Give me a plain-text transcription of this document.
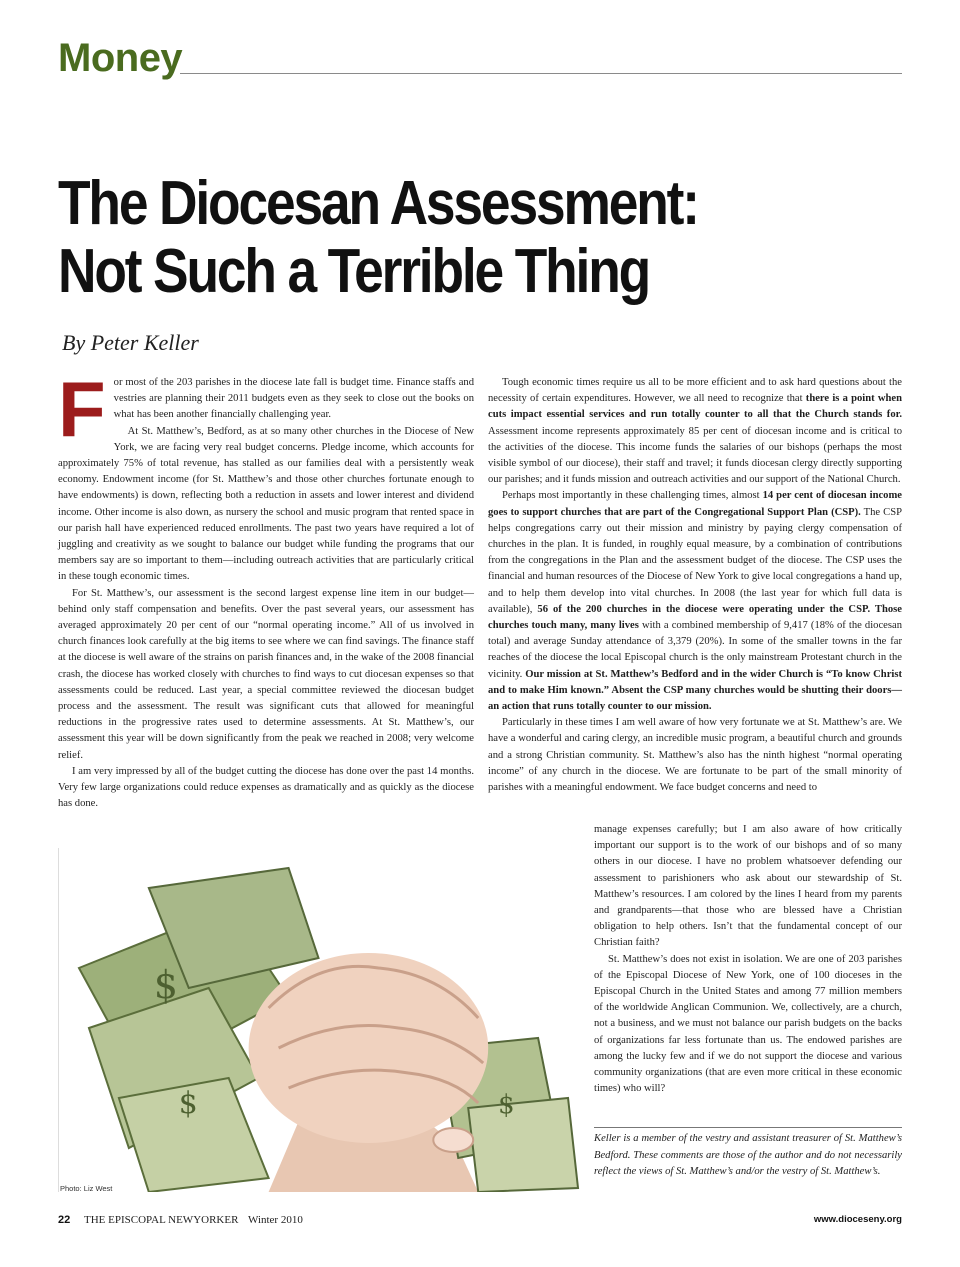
Money
The Diocesan Assessment:
Not Such a Terrible Thing
By Peter Keller
F or most of the 203 parishes in the diocese late fall is budget time. Finance staffs and vestries are planning their 2011 budgets even as they seek to close out the books on what has been another financially challenging year.

At St. Matthew’s, Bedford, as at so many other churches in the Diocese of New York, we are facing very real budget concerns. Pledge income, which accounts for approximately 75% of total revenue, has stalled as our families deal with a persistently weak economy. Endowment income (for St. Matthew’s and those other churches fortunate enough to have endowments) is down, reflecting both a reduction in assets and lower interest and dividend income. Other income is also down, as nursery the school and music program that rented space in our parish hall have experienced reduced enrollments. The past two years have required a lot of juggling and creativity as we sought to balance our budget while funding the programs that our members say are so important to them—including outreach activities that are particularly critical in these tough economic times.

For St. Matthew’s, our assessment is the second largest expense line item in our budget—behind only staff compensation and benefits. Over the past several years, our assessment has averaged approximately 20 per cent of our “normal operating income.” All of us involved in church finances look carefully at the big items to see where we can find savings. The finance staff at the diocese is well aware of the strains on parish finances and, in the wake of the 2008 financial crash, the diocese has worked closely with churches to find ways to cut diocesan expenses so that assessments could be reduced. Last year, a special committee reviewed the diocesan budget process and the assessment. The result was significant cuts that allowed for meaningful reductions in the progressive rates used to determine assessments. At St. Matthew’s, our assessment this year will be down significantly from the peak we reached in 2008; very welcome relief.

I am very impressed by all of the budget cutting the diocese has done over the past 14 months. Very few large organizations could reduce expenses as dramatically and as quickly as the diocese has done.

Tough economic times require us all to be more efficient and to ask hard questions about the necessity of certain expenditures. However, we all need to recognize that there is a point when cuts impact essential services and run totally counter to all that the Church stands for. Assessment income represents approximately 85 per cent of diocesan income and is critical to the activities of the diocese. This income funds the salaries of our bishops (perhaps the most visible symbol of our diocese), their staff and travel; it funds diocesan clergy directly supporting our parishes; and it funds mission and outreach activities and our support of the National Church.

Perhaps most importantly in these challenging times, almost 14 per cent of diocesan income goes to support churches that are part of the Congregational Support Plan (CSP). The CSP helps congregations carry out their mission and ministry by paying clergy compensation of churches in the plan. It is funded, in roughly equal measure, by a combination of contributions from the congregations in the Plan and the assessment budget of the diocese. The CSP uses the financial and human resources of the Diocese of New York to give local congregations a hand up, and to help them develop into vital churches. In 2008 (the last year for which full data is available), 56 of the 200 churches in the diocese were operating under the CSP. Those churches touch many, many lives with a combined membership of 9,417 (18% of the diocesan total) and average Sunday attendance of 3,379 (20%). In some of the smaller towns in the far reaches of the diocese the local Episcopal church is the only mainstream Protestant church in the vicinity. Our mission at St. Matthew’s Bedford and in the wider Church is “To know Christ and to make Him known.” Absent the CSP many churches would be shutting their doors—an action that runs totally counter to our mission.

Particularly in these times I am well aware of how very fortunate we at St. Matthew’s are. We have a wonderful and caring clergy, an incredible music program, a beautiful church and grounds and a strong Christian community. St. Matthew’s also has the ninth highest “normal operating income” of any church in the diocese. We are fortunate to be part of the small minority of parishes with a meaningful endowment. We face budget concerns and need to

manage expenses carefully; but I am also aware of how critically important our support is to the work of our bishops and of so many others in our diocese. I have no problem whatsoever defending our assessment to parishioners who ask about our stewardship of St. Matthew’s resources. I am colored by the lines I heard from my parents and grandparents—that those who are blessed have a Christian obligation to help others. Isn’t that the fundamental concept of our Christian faith?

St. Matthew’s does not exist in isolation. We are one of 203 parishes of the Episcopal Diocese of New York, one of 100 dioceses in the Episcopal Church in the United States and among 77 million members of the worldwide Anglican Communion. We, collectively, are a church, not a business, and we must not balance our parish budgets on the backs of organizations far less fortunate than us. The endowed parishes are among the lucky few and if we do not support the diocese and various community organizations (that are even more critical in these economic times) who will?

$
$	$
Photo: Liz West
Keller is a member of the vestry and assistant treasurer of St. Matthew’s Bedford. These comments are those of the author and do not necessarily reflect the views of St. Matthew’s and/or the vestry of St. Matthew’s.
22 THE EPISCOPAL NEWYORKER Winter 2010	www.dioceseny.org
